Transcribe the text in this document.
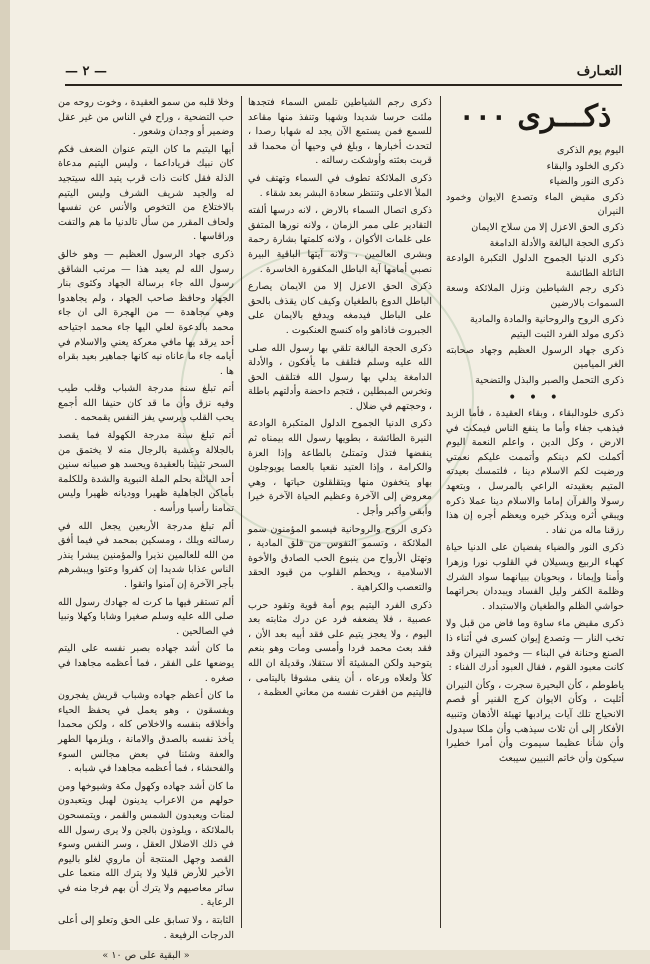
التعـارف
— ٢ —
ذكـــرى ٠٠٠

اليوم يوم الذكرى

ذكرى الخلود والبقاء

ذكرى النور والضياء

ذكرى مقيض الماء وتصدع الايوان وخمود النيران

ذكرى الحق الاعزل إلا من سلاح الايمان

ذكرى الحجة البالغة والأدلة الدامغة

ذكرى الدنيا الجموح الدلول التكبرة الوادعة النائلة الطائشة

ذكرى رجم الشياطين ونزل الملائكة وسعة السموات بالارضين

ذكرى الروح والروحانية والمادة والمادية

ذكرى مولد الفرد الثبت اليتيم

ذكرى جهاد الرسول العظيم وجهاد صحابته الغر الميامين

ذكرى التحمل والصبر والبذل والتضحية

• • •

ذكرى خلودالبقاء ، وبقاء العقيدة ، فأما الزبد فيذهب جفاء وأما ما ينفع الناس فيمكث في الارض ، وكل الدين ، واعلم النعمة اليوم أكملت لكم دينكم وأتممت عليكم نعمتي ورضيت لكم الاسلام دينا ، فلتمسك بعيدته المتيم بعقيدته الراعي بالمرسل ، وبتعهد رسولا والقرآن إماما والاسلام دينا عملا ذكره ويبقي أثره ويذكر خيره ويعظم أجره إن هذا رزقنا ماله من نفاد .

ذكرى النور والضياء يفضيان على الدنيا حياة كهباء الربيع ويسيلان في القلوب نورا وزهرا وأمنا وإيمانا ، وبحويان ببيانهما سواد الشرك وظلمة الكفر وليل الفساد ويبددان بحراتهما حواشي الظلم والطغيان والاستبداد .

ذكرى مقيض ماء ساوة وما فاض من قبل ولا تخب النار — وتصدع إيوان كسرى في أثناء ذا الصنع وحنانة في البناء — وخمود النيران وقد كانت معبود القوم ، فقال العبود أدرك الفناء :

ياطوطم ، كأن البحيرة سجرت ، وكأن النيران أثليت ، وكأن الايوان كرج القنير أو قصم الانحياج تلك آيات يرادبها تهيئة الأذهان وتنبيه الأفكار إلى أن ثلاث سيذهب وأن ملكا سيدول وأن شأنا عظيما سيموت وأن أمرا خطيرا سيكون وأن خاتم النبيين سيبعث

ذكرى رجم الشياطين تلمس السماء فتجدها ملئت حرسا شديدا وشهبا وتنفذ منها مقاعد للسمع فمن يستمع الآن يجد له شهابا رصدا ، لتحدث أخبارها ، وبلغ في وحيها أن محمدا قد قربت بعثته وأوشكت رسالته .

ذكرى الملائكة تطوف في السماء وتهتف في الملأ الاعلى وتنتظر سعادة البشر بعد شقاء .

ذكرى اتصال السماء بالارض ، لانه درسها ألفته التقادير على ممر الزمان ، ولانه نورها المتفق على غلمات الأكوان ، ولانه كلمتها بشارة رحمة وبشرى العالمين ، ولانه آيتها الباقية البيرة نصبي أمامها آية الباطل المكفورة الخاسرة .

ذكرى الحق الاعزل إلا من الايمان يصارع الباطل الدوع بالطغيان وكيف كان يقذف بالحق على الباطل فيدمغه ويدفع بالايمان على الجبروت فاذاهو واه كنسج العنكبوت .

ذكرى الحجة البالغة تلقي بها رسول الله صلى الله عليه وسلم فتلقف ما يأفكون ، والأدلة الدامغة يدلي بها رسول الله فتلقف الحق وتخرس المبطلين ، فتجم داحضة وأدلتهم باطلة ، وحجتهم في ضلال .

ذكرى الدنيا الجموح الدلول المتكبرة الوادعة النيرة الطائشة ، بطويها رسول الله بيمناه ثم ينفضها فتذل وتمتلئ بالطاعة وإذا العزة والكرامة ، وإذا العتيد نقعيا بالعصا يويوجلون بهاو يتخفون منها ويتقلقلون حياتها ، وهي معروض إلى الآخرة وعظيم الحياة الآخرة خيرا وأبقى وأكبر وأجل .

ذكرى الروح والروحانية فيسمو المؤمنون سمو الملائكة ، وتسمو النفوس من قلق المادية ، وتهتل الأرواح من ينبوع الحب الصادق والأخوة الاسلامية ، ويحطم القلوب من قيود الحقد والتعصب والكراهية .

ذكرى الفرد اليتيم يوم أمة قوية وتقود حرب عصبية ، فلا يضعفه فرد عن درك مثابته بعد اليوم ، ولا يعجز يتيم على فقد أبيه بعد الأن ، فقد بعث محمد فردا وأمسى ومات وهو بنعم يتوحيد ولكن المشيئة ألا ستقلا، وقديلة ان الله كلأ ولعلاه ورعاه ، أن ينفى مشوقا باليتامى ، فاليتيم من افقرت نفسه من معاني العظمة ،

وخلا قلبه من سمو العقيدة ، وخوت روحه من حب التضحية ، وراح في الناس من غير عقل وضمير أو وجدان وشعور .

أيها اليتيم ما كان اليتم عنوان الضعف فكم كان نبيك فرياداعما ، وليس اليتيم مدعاة الذلة فقل كانت ذات قرب يتيد الله سيتجيد له والجيد شريف الشرف وليس اليتيم بالاختلاع من التخوص والأنس عن نفسها ولحاف المقرر من سأل تالدنيا ما هم والتفت وراقاسها .

ذكرى جهاد الرسول العظيم — وهو خالق رسول الله لم يعبد هذا — مرتب الشاقق رسول الله جاء برسالة الجهاد وكثوى بنار الجهاد وحافظ صاحب الجهاد ، ولم يجاهدوا وهي مجاهدة — من الهجرة الى ان جاء محمد بالدعوة لعلي اليها جاء محمد اجتياحه أحد يرقد يها مافي معركة يعني والاسلام في أيامه جاء ما عاناه نيه كانها جماهير بعيد بقراه ها .

أتم تبلغ سنه مدرجة الشباب وقلب طيب وفيه نزق وأن ما قد كان حنيفا الله أجمع يحب القلب ويرسي يفز النفس يقمحمه .

أتم تبلغ سنة مدرجة الكهولة فما يقصد بالجلالة وعشية بالرجال منه لا يختمق من السحر تثبيتا بالعقيدة ويحسد هو صبيانه سنين أحد الباثلة بحلم الملة النبوية والشدة وللكلمة بأماكن الجاهلية ظهيرا ووديانه ظهيرا وليس تمامنا رأسيا ورأسه .

ألم تبلغ مدرجة الأربعين يجعل الله في رسالته ويلك ، ومسكين بمحمد في فيما أفق من الله للعالمين نذيرا والمؤمنين يبشرا ينذر الناس عذابا شديدا إن كفروا وعتوا ويبشرهم بأجر الآخرة إن آمنوا واتقوا .

ألم تستقر فيها ما كرت له جهادك رسول الله صلى الله عليه وسلم صغيرا وشابا وكهلا ونبيا في الصالحين .

ما كان أشد جهاده بصبر نفسه على اليتم يوضعها على الفقر ، فما أعظمه مجاهدا في صغره .

ما كان أعظم جهاده وشباب قريش يفجرون ويفسقون ، وهو يعمل في يحفظ الحياء وأخلاقه بنفسه والاخلاص كله ، ولكن محمدا يأخذ نفسه بالصدق والامانة ، ويلزمها الطهر والعفة وشئنا في بعض مجالس السوء والفحشاء ، فما أعظمه مجاهدا في شبابه .

ما كان أشد جهاده وكهول مكة وشيوخها ومن حولهم من الاعراب يدينون لهبل ويتعبدون لمنات ويعبدون الشمس والقمر ، ويتمسحون بالملائكة ، ويلوذون بالجن ولا يرى رسول الله في ذلك الاضلال العقل ، وسر النفس وسوء القصد وجهل المنتجة أن ماروي لغلو باليوم الأخير للأرض قليلا ولا يترك الله منعما على سائر معاصيهم ولا يترك أن بهم فرجا منه في الرعاية .

الثابتة ، ولا تسابق على الحق وتعلو إلى أعلى الدرجات الرفيعة .

« البقية على ص ١٠ »
